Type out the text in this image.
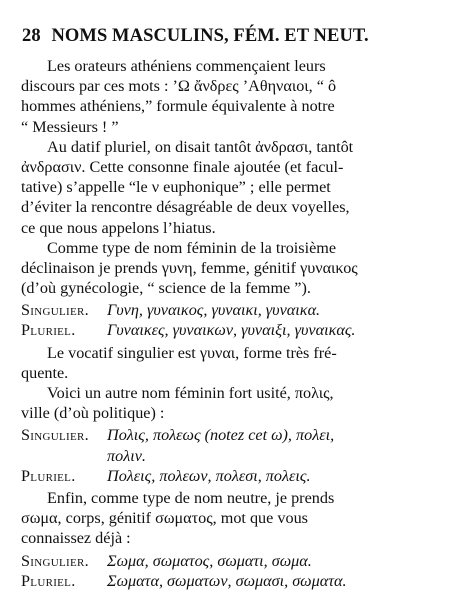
28 NOMS MASCULINS, FÉM. ET NEUT.
Les orateurs athéniens commençaient leurs
discours par ces mots : ’Ω ἄνδρες ’Αθηναιοι, “ ô
hommes athéniens,” formule équivalente à notre
“ Messieurs ! ”
Au datif pluriel, on disait tantôt ἀνδρασι, tantôt
ἀνδρασιν. Cette consonne finale ajoutée (et facul-
tative) s’appelle “le ν euphonique” ; elle permet
d’éviter la rencontre désagréable de deux voyelles,
ce que nous appelons l’hiatus.
Comme type de nom féminin de la troisième
déclinaison je prends γυνη, femme, génitif γυναικος
(d’où gynécologie, “ science de la femme ”).
Singulier.	Γυνη, γυναικος, γυναικι, γυναικα.
Pluriel.	Γυναικες, γυναικων, γυναιξι, γυναικας.
Le vocatif singulier est γυναι, forme très fré-
quente.
Voici un autre nom féminin fort usité, πολις,
ville (d’où politique) :
Singulier.	Πολις, πολεως (notez cet ω), πολει,
πολιν.
Pluriel.	Πολεις, πολεων, πολεσι, πολεις.
Enfin, comme type de nom neutre, je prends
σωμα, corps, génitif σωματος, mot que vous
connaissez déjà :
Singulier.	Σωμα, σωματος, σωματι, σωμα.
Pluriel.	Σωματα, σωματων, σωμασι, σωματα.
